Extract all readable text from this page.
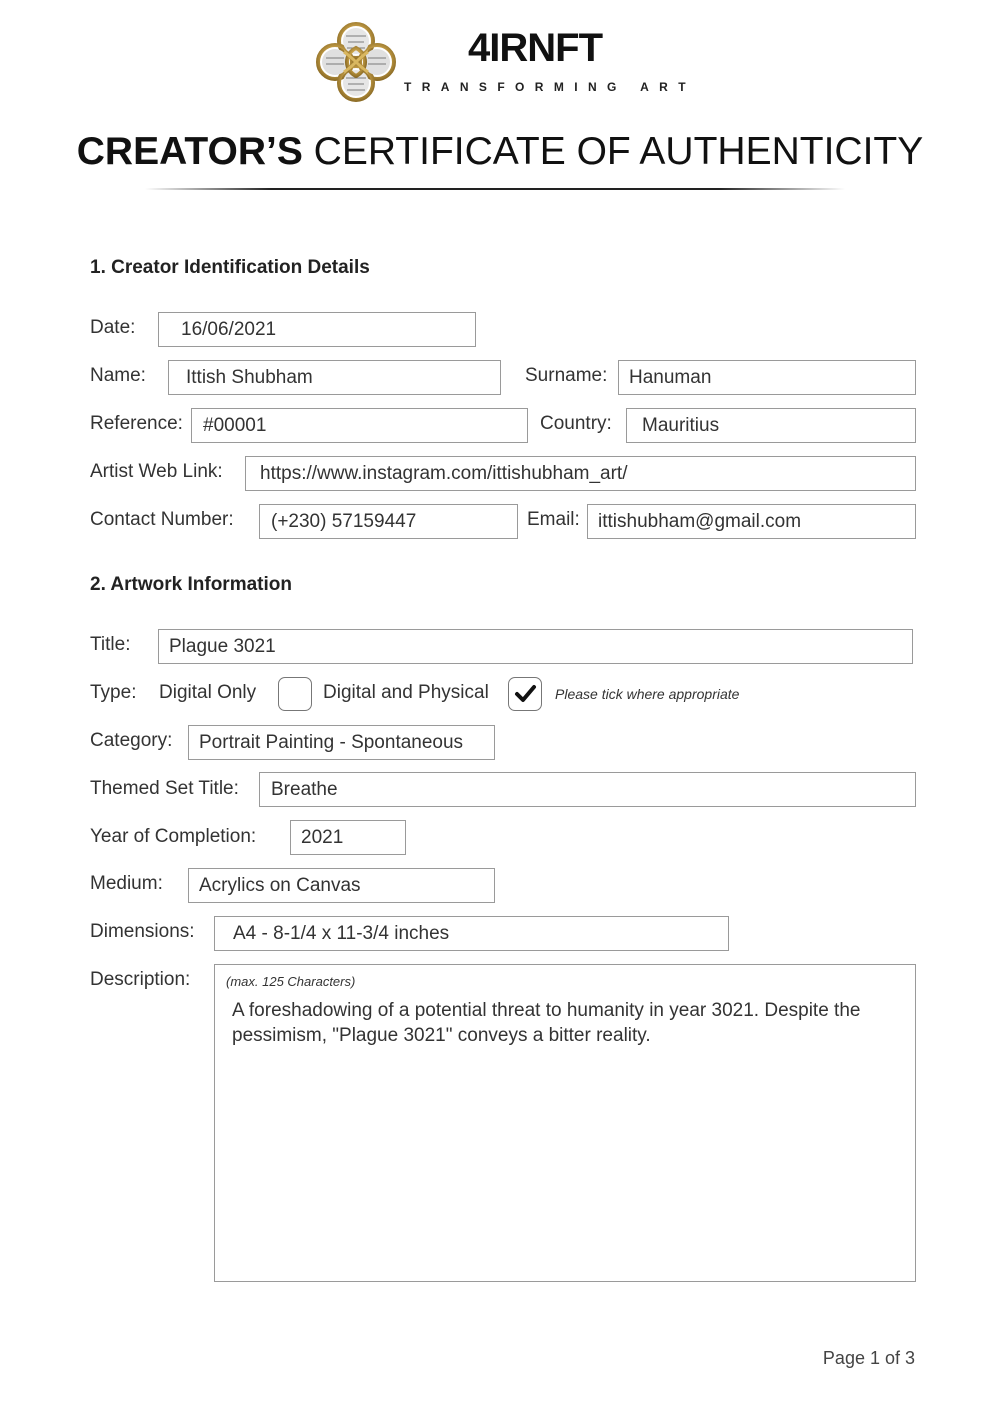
4IRNFT
TRANSFORMING ART
CREATOR’S CERTIFICATE OF AUTHENTICITY
1. Creator Identification Details
Date:	16/06/2021
Name:	Ittish Shubham	Surname:	Hanuman
Reference:	#00001	Country:	Mauritius
Artist Web Link:	https://www.instagram.com/ittishubham_art/
Contact Number:	(+230) 57159447	Email: ittishubham@gmail.com
2. Artwork Information
Title:	Plague 3021
Type: Digital Only	Digital and Physical	Please tick where appropriate
Category:	Portrait Painting - Spontaneous
Themed Set Title:	Breathe
Year of Completion:	2021
Medium:	Acrylics on Canvas
Dimensions:	A4 - 8-1/4 x 11-3/4 inches
Description:	(max. 125 Characters)
A foreshadowing of a potential threat to humanity in year 3021. Despite the pessimism, "Plague 3021" conveys a bitter reality.
Page 1 of 3
